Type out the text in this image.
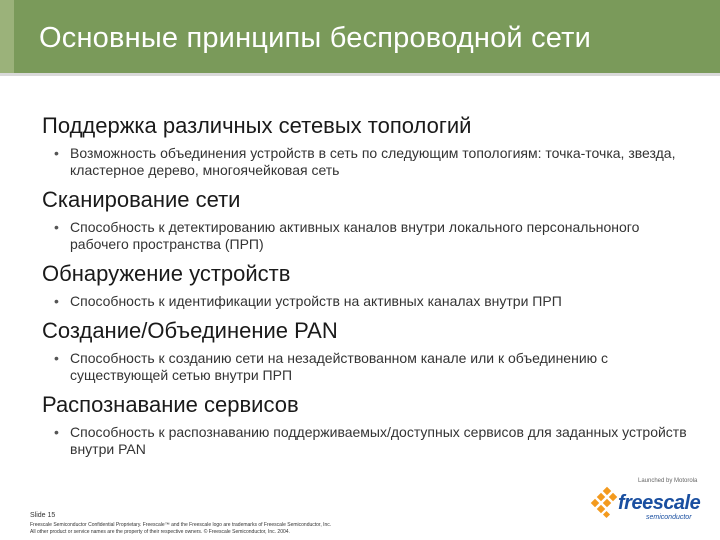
Основные принципы беспроводной сети
Поддержка различных сетевых топологий
• Возможность объединения устройств в сеть по следующим топологиям: точка-точка, звезда, кластерное дерево, многоячейковая сеть
Сканирование сети
• Способность к детектированию активных каналов внутри локального персональноного рабочего пространства (ПРП)
Обнаружение устройств
• Способность к идентификации устройств на активных каналах внутри ПРП
Создание/Объединение PAN
• Способность к созданию сети на незадействованном канале или к объединению с существующей сетью внутри ПРП
Распознавание сервисов
• Способность к распознаванию поддерживаемых/доступных сервисов для заданных устройств внутри PAN
Slide 15
Freescale Semiconductor Confidential Proprietary. Freescale™ and the Freescale logo are trademarks of Freescale Semiconductor, Inc.
All other product or service names are the property of their respective owners. © Freescale Semiconductor, Inc. 2004.
Launched by Motorola
freescale
semiconductor
